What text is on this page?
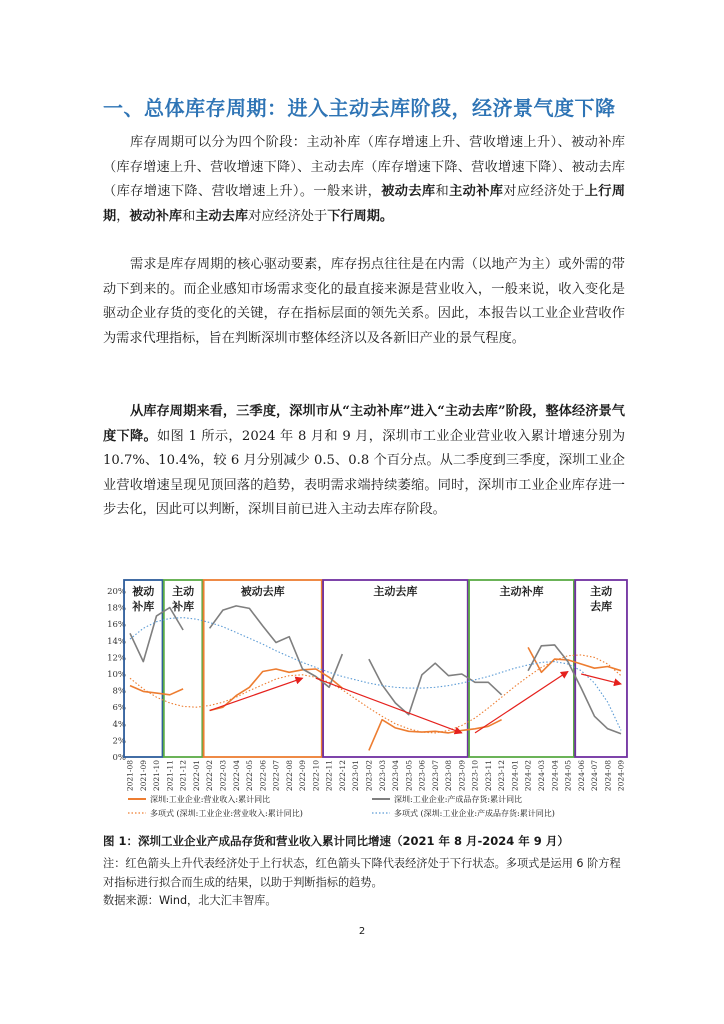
一、总体库存周期：进入主动去库阶段，经济景气度下降

库存周期可以分为四个阶段：主动补库（库存增速上升、营收增速上升）、被动补库（库存增速上升、营收增速下降）、主动去库（库存增速下降、营收增速下降）、被动去库（库存增速下降、营收增速上升）。一般来讲，被动去库和主动补库对应经济处于上行周期，被动补库和主动去库对应经济处于下行周期。

需求是库存周期的核心驱动要素，库存拐点往往是在内需（以地产为主）或外需的带动下到来的。而企业感知市场需求变化的最直接来源是营业收入，一般来说，收入变化是驱动企业存货的变化的关键，存在指标层面的领先关系。因此，本报告以工业企业营收作为需求代理指标，旨在判断深圳市整体经济以及各新旧产业的景气程度。

从库存周期来看，三季度，深圳市从“主动补库”进入“主动去库”阶段，整体经济景气度下降。如图 1 所示，2024 年 8 月和 9 月，深圳市工业企业营业收入累计增速分别为 10.7%、10.4%，较 6 月分别减少 0.5、0.8 个百分点。从二季度到三季度，深圳工业企业营收增速呈现见顶回落的趋势，表明需求端持续萎缩。同时，深圳市工业企业库存进一步去化，因此可以判断，深圳目前已进入主动去库存阶段。

0%
2%
4%
6%
8%
10%
12%
14%
16%
18%
20%
2021-08 2021-10 2021-12 2022-02 2022-04 2022-06 2022-08 2022-10 2022-12 2023-02 2023-04 2023-06 2023-08 2023-10 2023-12 2024-02 2024-04 2024-06 2024-08
2021-09 2021-11 2022-01 2022-03 2022-05 2022-07 2022-09 2022-11 2023-01 2023-03 2023-05 2023-07 2023-09 2023-11 2024-01 2024-03 2024-05 2024-07 2024-09
被动
补库
主动
补库
被动去库	主动去库	主动补库	主动
去库
深圳:工业企业:营业收入:累计同比	深圳:工业企业:产成品存货:累计同比
多项式 (深圳:工业企业:营业收入:累计同比)	多项式 (深圳:工业企业:产成品存货:累计同比)
图 1：深圳工业企业产成品存货和营业收入累计同比增速（2021 年 8 月-2024 年 9 月）
注：红色箭头上升代表经济处于上行状态，红色箭头下降代表经济处于下行状态。多项式是运用 6 阶方程对指标进行拟合而生成的结果，以助于判断指标的趋势。
数据来源：Wind，北大汇丰智库。
2
